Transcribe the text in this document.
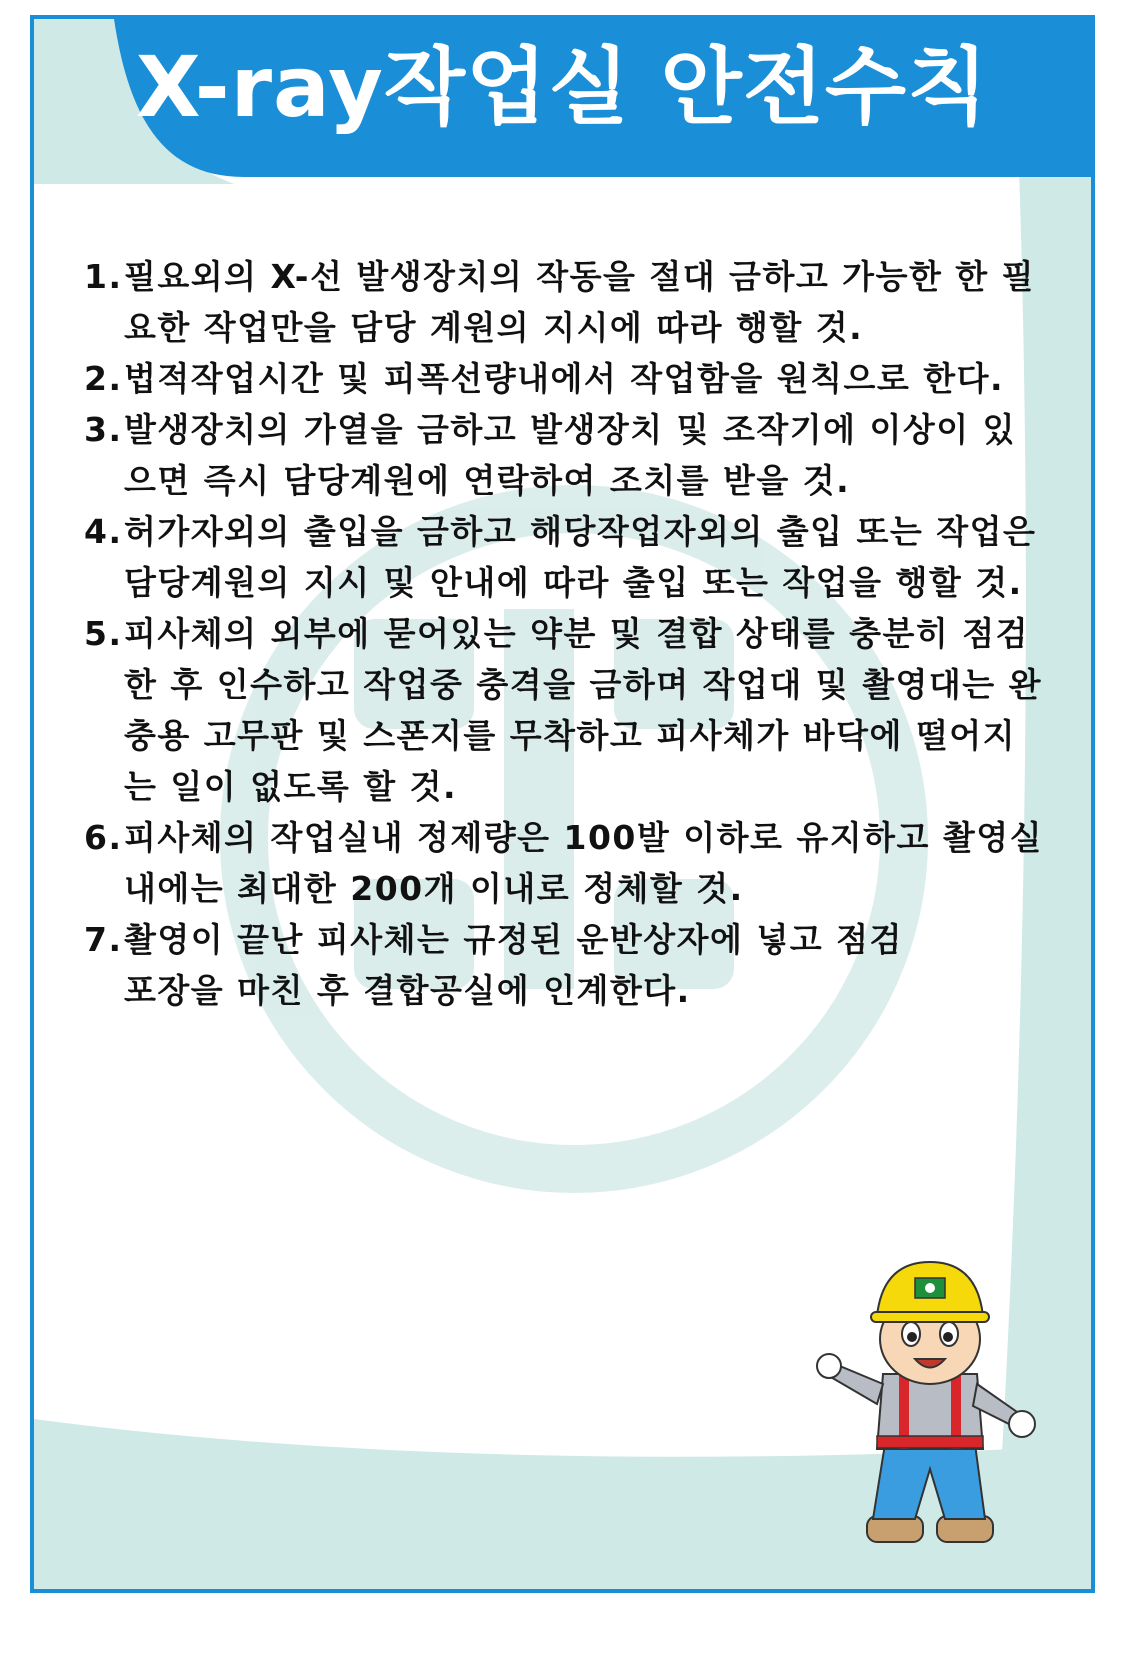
X-ray작업실 안전수칙
1.필요외의 X-선 발생장치의 작동을 절대 금하고 가능한 한 필요한 작업만을 담당 계원의 지시에 따라 행할 것.
2.법적작업시간 및 피폭선량내에서 작업함을 원칙으로 한다.
3.발생장치의 가열을 금하고 발생장치 및 조작기에 이상이 있으면 즉시 담당계원에 연락하여 조치를 받을 것.
4.허가자외의 출입을 금하고 해당작업자외의 출입 또는 작업은 담당계원의 지시 및 안내에 따라 출입 또는 작업을 행할 것.
5.피사체의 외부에 묻어있는 약분 및 결합 상태를 충분히 점검한 후 인수하고 작업중 충격을 금하며 작업대 및 촬영대는 완충용 고무판 및 스폰지를 무착하고 피사체가 바닥에 떨어지는 일이 없도록 할 것.
6.피사체의 작업실내 정제량은 100발 이하로 유지하고 촬영실내에는 최대한 200개 이내로 정체할 것.
7.촬영이 끝난 피사체는 규정된 운반상자에 넣고 점검포장을 마친 후 결합공실에 인계한다.
